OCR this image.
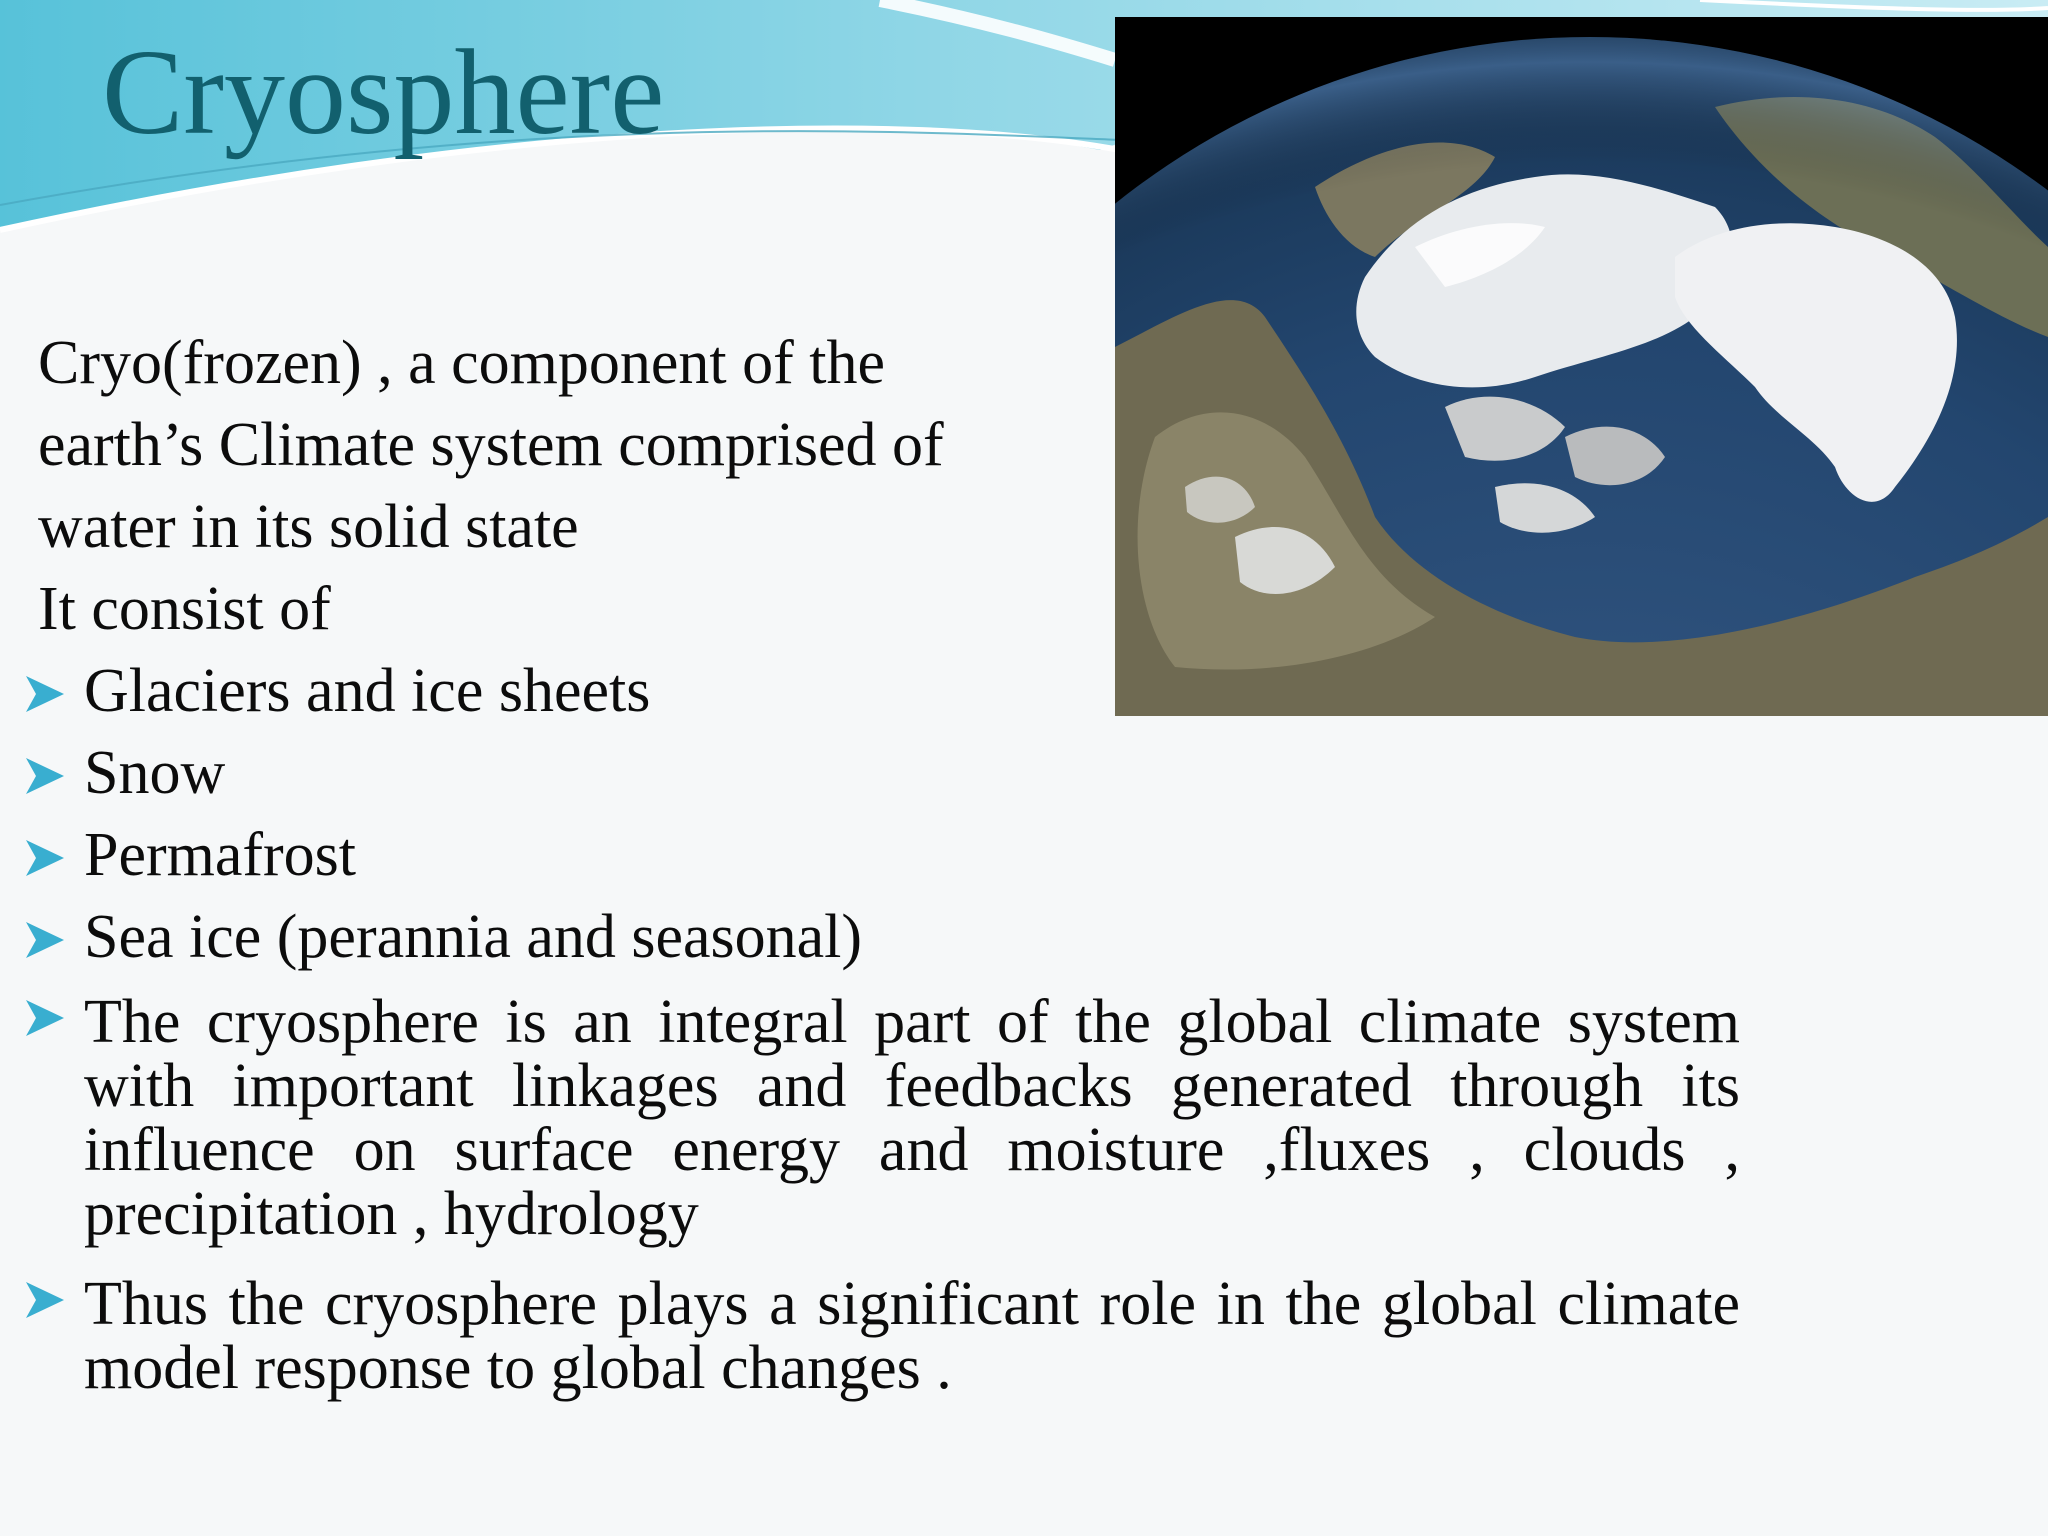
Cryosphere
Cryo(frozen) , a component of the
earth’s Climate system comprised of
water in its solid state
It consist of
Glaciers and ice sheets
Snow
Permafrost
Sea ice (perannia and seasonal)
The cryosphere is an integral part of the global climate system with important linkages and feedbacks generated through its influence on surface energy and moisture ,fluxes , clouds , precipitation , hydrology
Thus the cryosphere plays a significant role in the global climate model response to global changes .
